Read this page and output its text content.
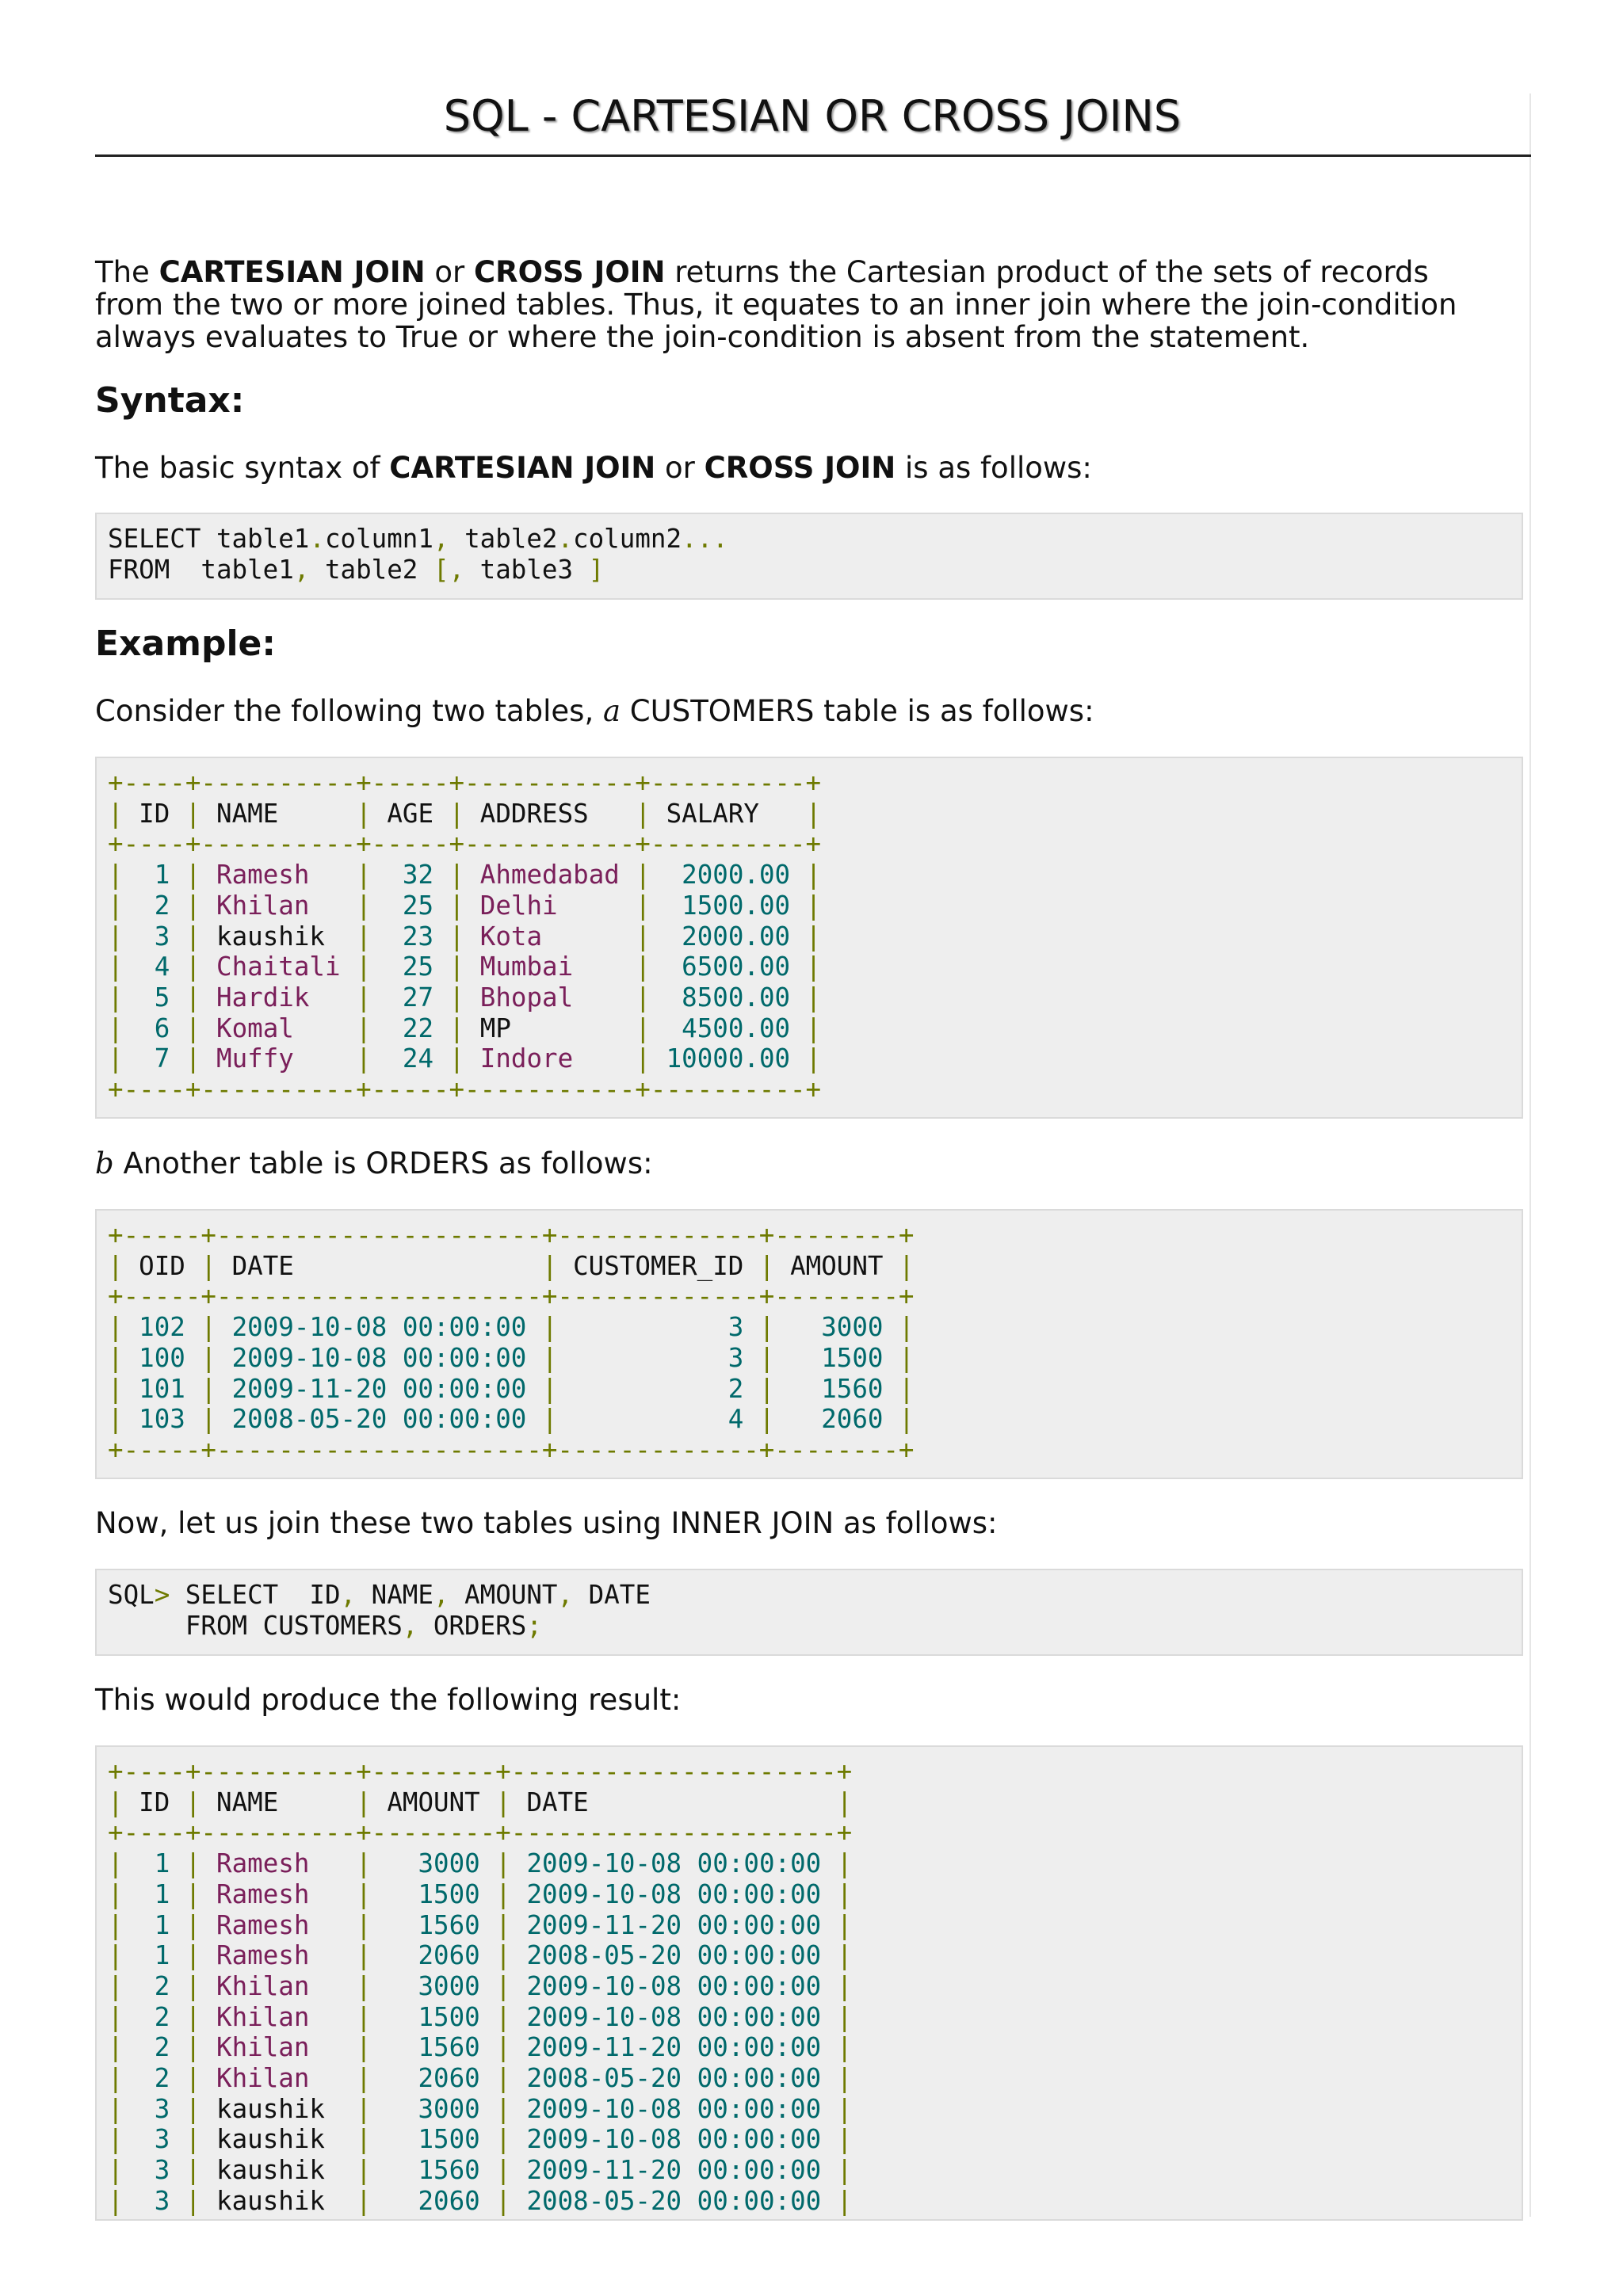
SQL - CARTESIAN OR CROSS JOINS
The CARTESIAN JOIN or CROSS JOIN returns the Cartesian product of the sets of records from the two or more joined tables. Thus, it equates to an inner join where the join-condition always evaluates to True or where the join-condition is absent from the statement.
Syntax:
The basic syntax of CARTESIAN JOIN or CROSS JOIN is as follows:
SELECT table1.column1, table2.column2...
FROM  table1, table2 [, table3 ]
Example:
Consider the following two tables, a CUSTOMERS table is as follows:
+----+----------+-----+-----------+----------+
| ID | NAME     | AGE | ADDRESS   | SALARY   |
+----+----------+-----+-----------+----------+
|  1 | Ramesh   |  32 | Ahmedabad |  2000.00 |
|  2 | Khilan   |  25 | Delhi     |  1500.00 |
|  3 | kaushik  |  23 | Kota      |  2000.00 |
|  4 | Chaitali |  25 | Mumbai    |  6500.00 |
|  5 | Hardik   |  27 | Bhopal    |  8500.00 |
|  6 | Komal    |  22 | MP        |  4500.00 |
|  7 | Muffy    |  24 | Indore    | 10000.00 |
+----+----------+-----+-----------+----------+
b Another table is ORDERS as follows:
+-----+---------------------+-------------+--------+
| OID | DATE                | CUSTOMER_ID | AMOUNT |
+-----+---------------------+-------------+--------+
| 102 | 2009-10-08 00:00:00 |           3 |   3000 |
| 100 | 2009-10-08 00:00:00 |           3 |   1500 |
| 101 | 2009-11-20 00:00:00 |           2 |   1560 |
| 103 | 2008-05-20 00:00:00 |           4 |   2060 |
+-----+---------------------+-------------+--------+
Now, let us join these two tables using INNER JOIN as follows:
SQL> SELECT  ID, NAME, AMOUNT, DATE
FROM CUSTOMERS, ORDERS;
This would produce the following result:
+----+----------+--------+---------------------+
| ID | NAME     | AMOUNT | DATE                |
+----+----------+--------+---------------------+
|  1 | Ramesh   |   3000 | 2009-10-08 00:00:00 |
|  1 | Ramesh   |   1500 | 2009-10-08 00:00:00 |
|  1 | Ramesh   |   1560 | 2009-11-20 00:00:00 |
|  1 | Ramesh   |   2060 | 2008-05-20 00:00:00 |
|  2 | Khilan   |   3000 | 2009-10-08 00:00:00 |
|  2 | Khilan   |   1500 | 2009-10-08 00:00:00 |
|  2 | Khilan   |   1560 | 2009-11-20 00:00:00 |
|  2 | Khilan   |   2060 | 2008-05-20 00:00:00 |
|  3 | kaushik  |   3000 | 2009-10-08 00:00:00 |
|  3 | kaushik  |   1500 | 2009-10-08 00:00:00 |
|  3 | kaushik  |   1560 | 2009-11-20 00:00:00 |
|  3 | kaushik  |   2060 | 2008-05-20 00:00:00 |
